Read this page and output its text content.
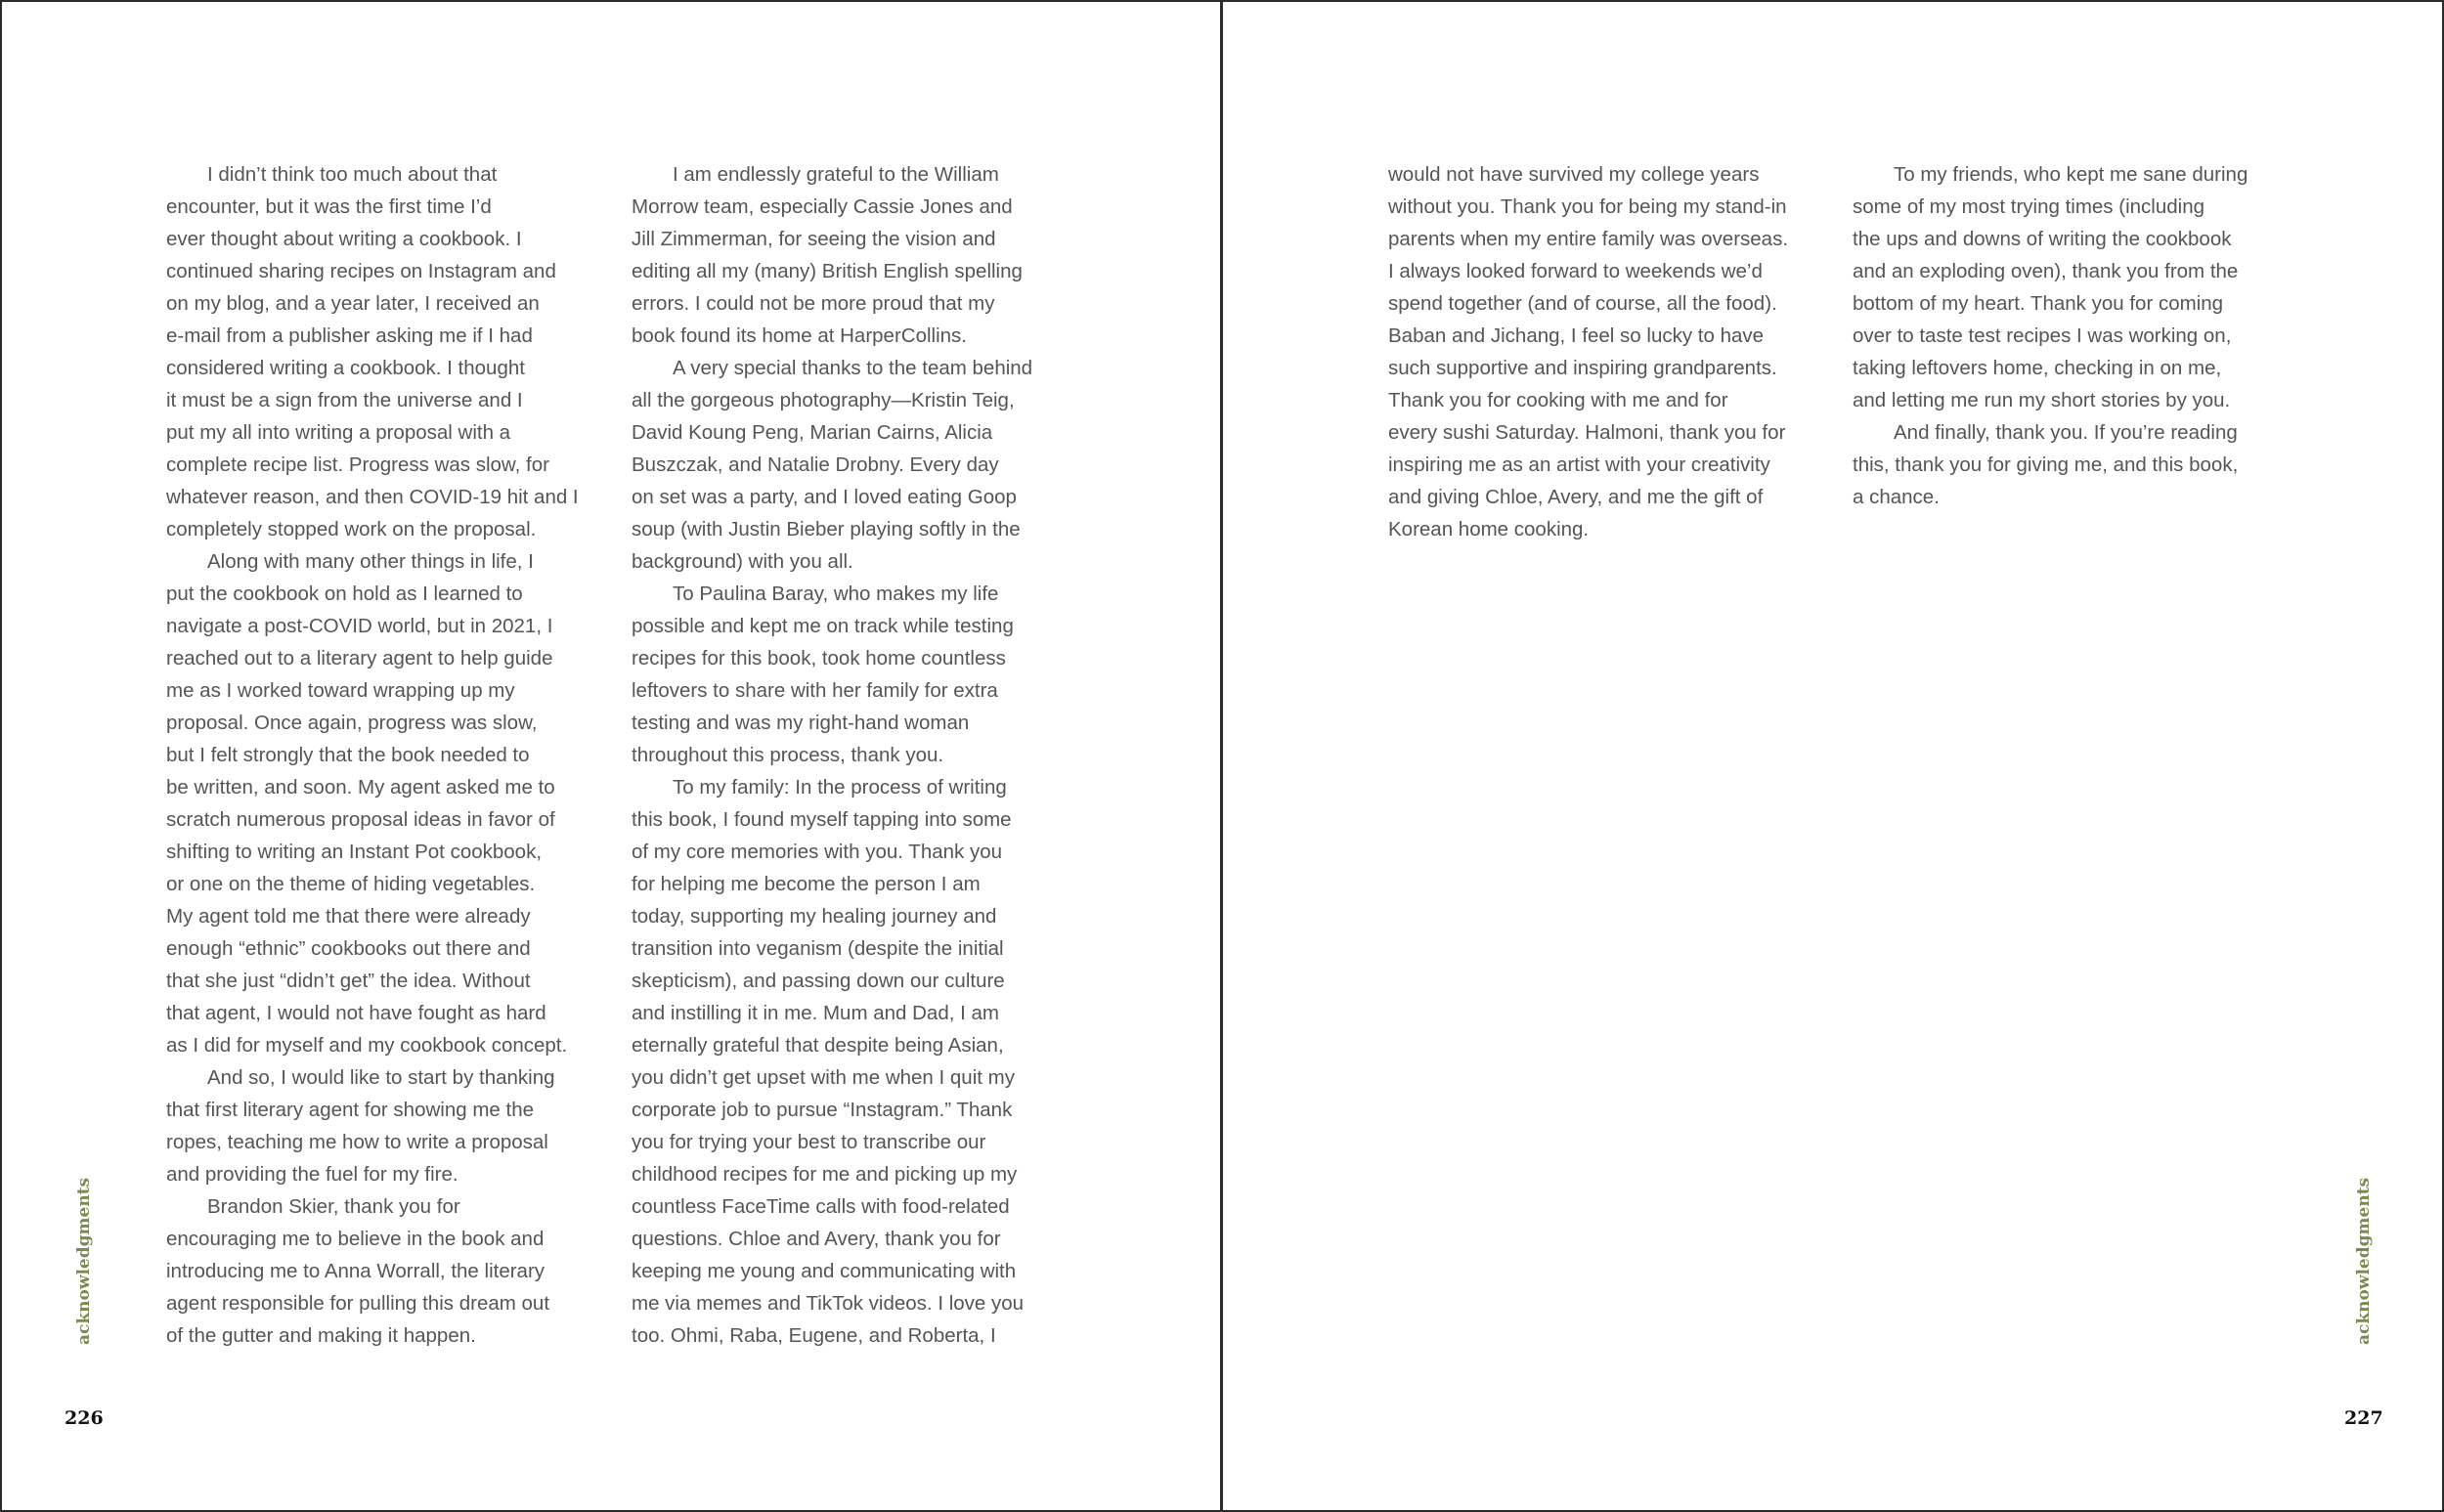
I didn’t think too much about that

encounter, but it was the first time I’d

ever thought about writing a cookbook. I

continued sharing recipes on Instagram and

on my blog, and a year later, I received an

e-mail from a publisher asking me if I had

considered writing a cookbook. I thought

it must be a sign from the universe and I

put my all into writing a proposal with a

complete recipe list. Progress was slow, for

whatever reason, and then COVID-19 hit and I

completely stopped work on the proposal.

Along with many other things in life, I

put the cookbook on hold as I learned to

navigate a post-COVID world, but in 2021, I

reached out to a literary agent to help guide

me as I worked toward wrapping up my

proposal. Once again, progress was slow,

but I felt strongly that the book needed to

be written, and soon. My agent asked me to

scratch numerous proposal ideas in favor of

shifting to writing an Instant Pot cookbook,

or one on the theme of hiding vegetables.

My agent told me that there were already

enough “ethnic” cookbooks out there and

that she just “didn’t get” the idea. Without

that agent, I would not have fought as hard

as I did for myself and my cookbook concept.

And so, I would like to start by thanking

that first literary agent for showing me the

ropes, teaching me how to write a proposal

and providing the fuel for my fire.

Brandon Skier, thank you for

encouraging me to believe in the book and

introducing me to Anna Worrall, the literary

agent responsible for pulling this dream out

of the gutter and making it happen.

I am endlessly grateful to the William

Morrow team, especially Cassie Jones and

Jill Zimmerman, for seeing the vision and

editing all my (many) British English spelling

errors. I could not be more proud that my

book found its home at HarperCollins.

A very special thanks to the team behind

all the gorgeous photography—Kristin Teig,

David Koung Peng, Marian Cairns, Alicia

Buszczak, and Natalie Drobny. Every day

on set was a party, and I loved eating Goop

soup (with Justin Bieber playing softly in the

background) with you all.

To Paulina Baray, who makes my life

possible and kept me on track while testing

recipes for this book, took home countless

leftovers to share with her family for extra

testing and was my right-hand woman

throughout this process, thank you.

To my family: In the process of writing

this book, I found myself tapping into some

of my core memories with you. Thank you

for helping me become the person I am

today, supporting my healing journey and

transition into veganism (despite the initial

skepticism), and passing down our culture

and instilling it in me. Mum and Dad, I am

eternally grateful that despite being Asian,

you didn’t get upset with me when I quit my

corporate job to pursue “Instagram.” Thank

you for trying your best to transcribe our

childhood recipes for me and picking up my

countless FaceTime calls with food-related

questions. Chloe and Avery, thank you for

keeping me young and communicating with

me via memes and TikTok videos. I love you

too. Ohmi, Raba, Eugene, and Roberta, I

would not have survived my college years

without you. Thank you for being my stand-in

parents when my entire family was overseas.

I always looked forward to weekends we’d

spend together (and of course, all the food).

Baban and Jichang, I feel so lucky to have

such supportive and inspiring grandparents.

Thank you for cooking with me and for

every sushi Saturday. Halmoni, thank you for

inspiring me as an artist with your creativity

and giving Chloe, Avery, and me the gift of

Korean home cooking.

To my friends, who kept me sane during

some of my most trying times (including

the ups and downs of writing the cookbook

and an exploding oven), thank you from the

bottom of my heart. Thank you for coming

over to taste test recipes I was working on,

taking leftovers home, checking in on me,

and letting me run my short stories by you.

And finally, thank you. If you’re reading

this, thank you for giving me, and this book,

a chance.

acknowledgments	acknowledgments
226	227
